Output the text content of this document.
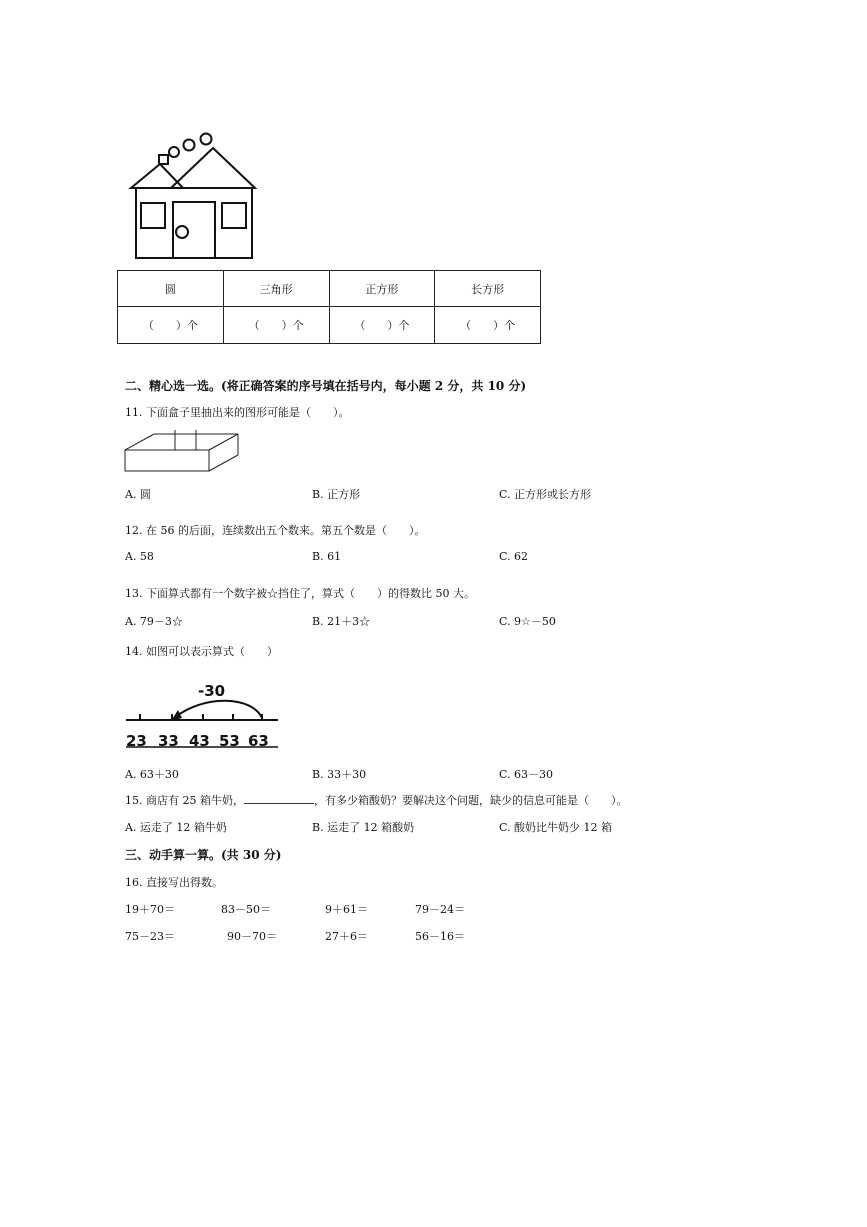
圆	三角形	正方形	长方形
（　　）个	（　　）个	（　　）个	（　　）个
二、精心选一选。(将正确答案的序号填在括号内，每小题 2 分，共 10 分)
11. 下面盒子里抽出来的图形可能是（　　）。
A. 圆	B. 正方形	C. 正方形或长方形
12. 在 56 的后面，连续数出五个数来。第五个数是（　　）。
A. 58	B. 61	C. 62
13. 下面算式都有一个数字被☆挡住了，算式（　　）的得数比 50 大。
A. 79－3☆	B. 21＋3☆	C. 9☆－50
14. 如图可以表示算式（　　）
-30
23 33 43 53 63
A. 63＋30	B. 33＋30	C. 63－30
15. 商店有 25 箱牛奶，	，有多少箱酸奶？要解决这个问题，缺少的信息可能是（　　）。
A. 运走了 12 箱牛奶	B. 运走了 12 箱酸奶	C. 酸奶比牛奶少 12 箱
三、动手算一算。(共 30 分)
16. 直接写出得数。
19＋70＝	83－50＝	9＋61＝	79－24＝
75－23＝	90－70＝	27＋6＝	56－16＝
